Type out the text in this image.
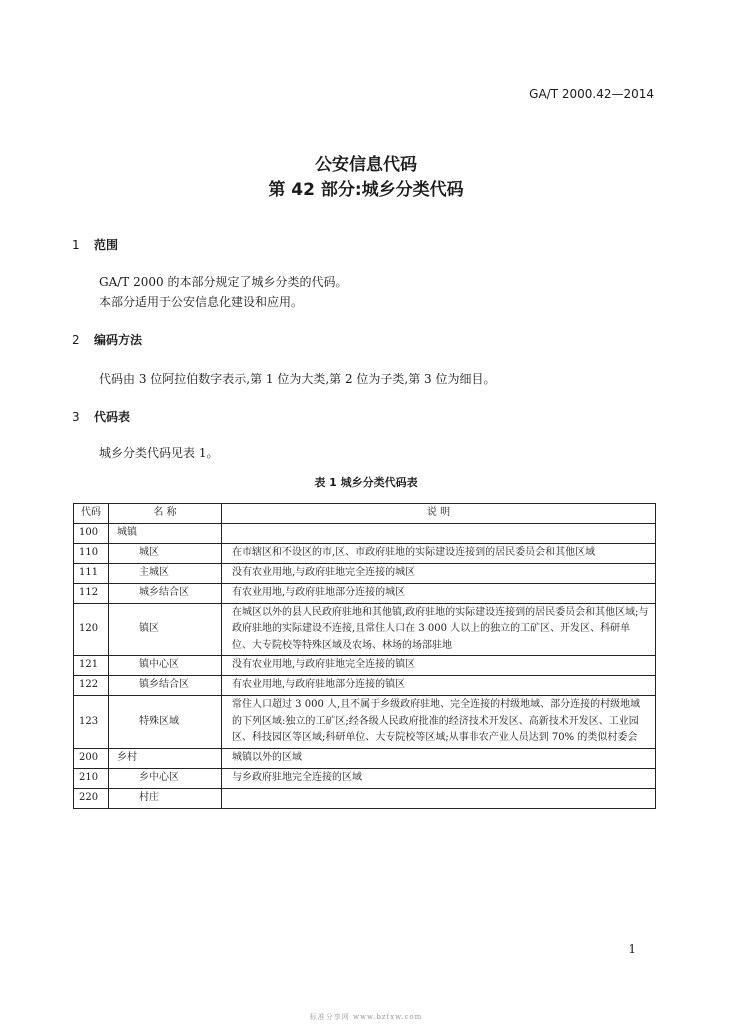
GA/T 2000.42—2014
公安信息代码
第 42 部分:城乡分类代码
1 范围
GA/T 2000 的本部分规定了城乡分类的代码。
本部分适用于公安信息化建设和应用。
2 编码方法
代码由 3 位阿拉伯数字表示,第 1 位为大类,第 2 位为子类,第 3 位为细目。
3 代码表
城乡分类代码见表 1。
表 1 城乡分类代码表
代码	名 称	说 明
100	城镇	
110	城区	在市辖区和不设区的市,区、市政府驻地的实际建设连接到的居民委员会和其他区域
111	主城区	没有农业用地,与政府驻地完全连接的城区
112	城乡结合区	有农业用地,与政府驻地部分连接的城区
120	镇区	在城区以外的县人民政府驻地和其他镇,政府驻地的实际建设连接到的居民委员会和其他区域;与政府驻地的实际建设不连接,且常住人口在 3 000 人以上的独立的工矿区、开发区、科研单位、大专院校等特殊区域及农场、林场的场部驻地
121	镇中心区	没有农业用地,与政府驻地完全连接的镇区
122	镇乡结合区	有农业用地,与政府驻地部分连接的镇区
123	特殊区域	常住人口超过 3 000 人,且不属于乡级政府驻地、完全连接的村级地域、部分连接的村级地域的下列区域:独立的工矿区;经各级人民政府批准的经济技术开发区、高新技术开发区、工业园区、科技园区等区域;科研单位、大专院校等区域;从事非农产业人员达到 70% 的类似村委会
200	乡村	城镇以外的区域
210	乡中心区	与乡政府驻地完全连接的区域
220	村庄	
1
标准分享网 www.bzfxw.com
